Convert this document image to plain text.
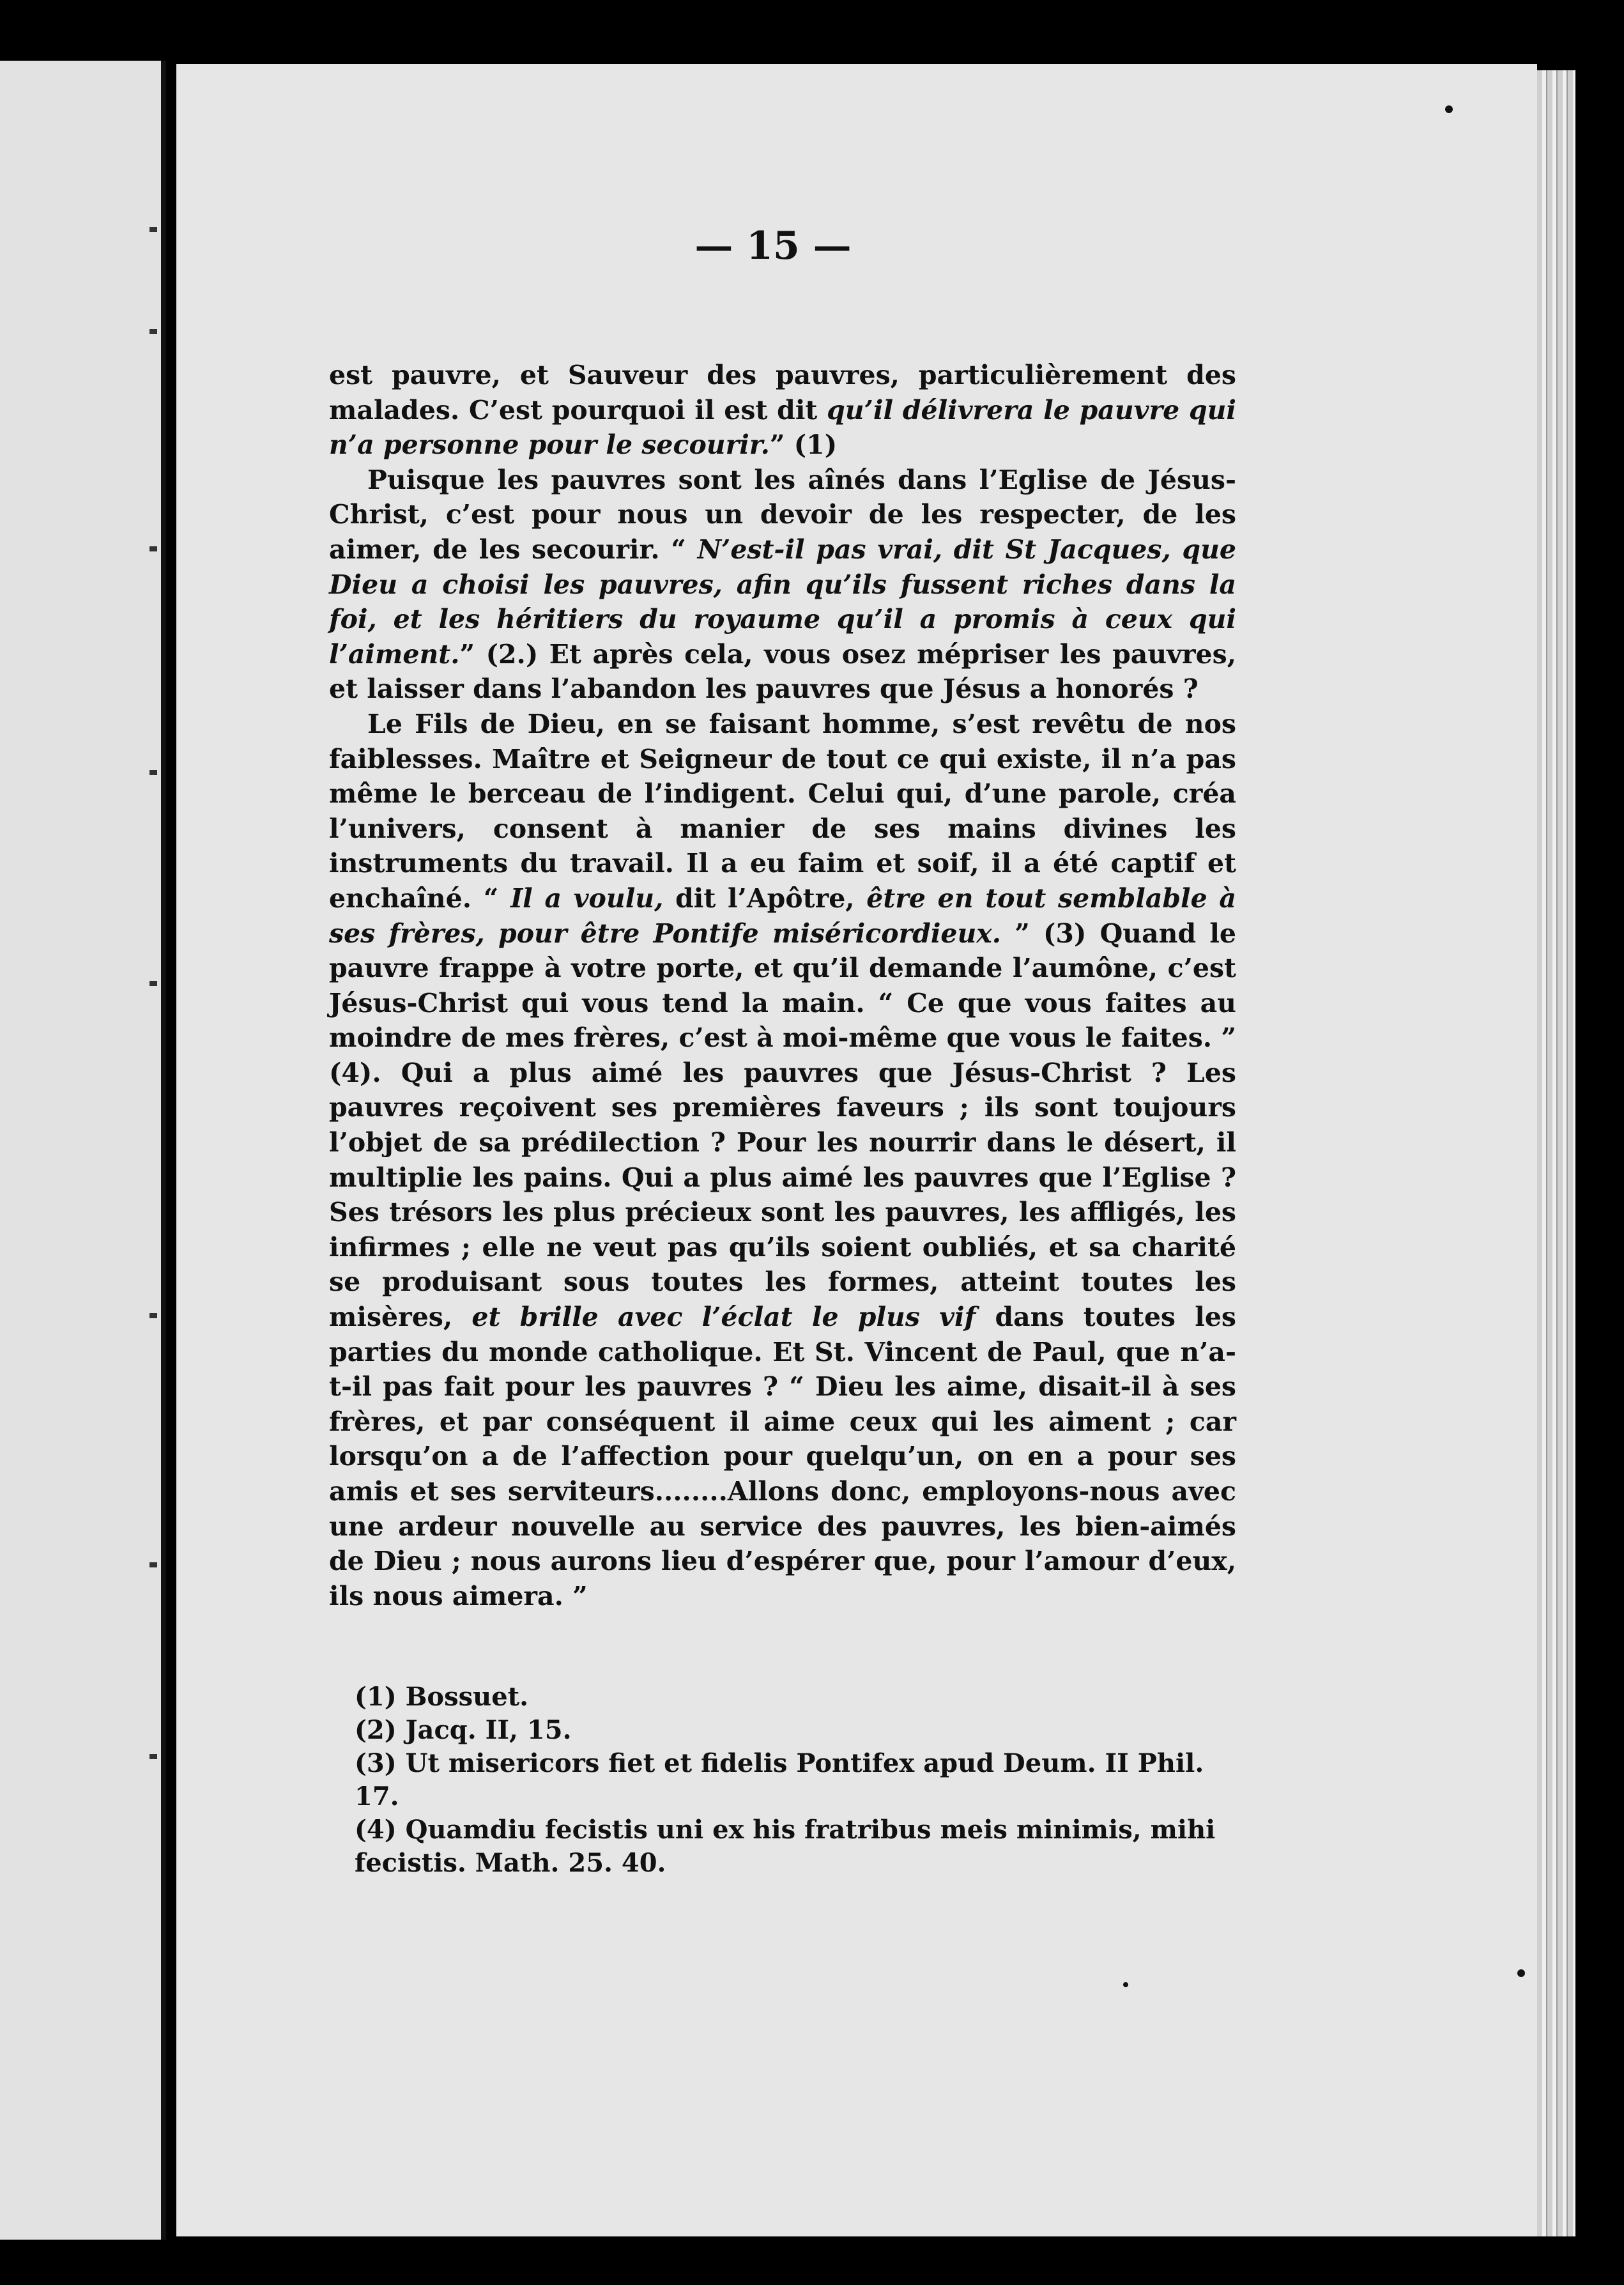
— 15 —

est pauvre, et Sauveur des pauvres, particulièrement des malades. C’est pourquoi il est dit qu’il délivrera le pauvre qui n’a personne pour le secourir.” (1)

Puisque les pauvres sont les aînés dans l’Eglise de Jésus-Christ, c’est pour nous un devoir de les respecter, de les aimer, de les secourir. “ N’est-il pas vrai, dit St Jacques, que Dieu a choisi les pauvres, afin qu’ils fussent riches dans la foi, et les héritiers du royaume qu’il a promis à ceux qui l’aiment.” (2.) Et après cela, vous osez mépriser les pauvres, et laisser dans l’abandon les pauvres que Jésus a honorés ?

Le Fils de Dieu, en se faisant homme, s’est revêtu de nos faiblesses. Maître et Seigneur de tout ce qui existe, il n’a pas même le berceau de l’indigent. Celui qui, d’une parole, créa l’univers, consent à manier de ses mains divines les instruments du travail. Il a eu faim et soif, il a été captif et enchaîné. “ Il a voulu, dit l’Apôtre, être en tout semblable à ses frères, pour être Pontife miséricordieux. ” (3) Quand le pauvre frappe à votre porte, et qu’il demande l’aumône, c’est Jésus-Christ qui vous tend la main. “ Ce que vous faites au moindre de mes frères, c’est à moi-même que vous le faites. ” (4). Qui a plus aimé les pauvres que Jésus-Christ ? Les pauvres reçoivent ses premières faveurs ; ils sont toujours l’objet de sa prédilection ? Pour les nourrir dans le désert, il multiplie les pains. Qui a plus aimé les pauvres que l’Eglise ? Ses trésors les plus précieux sont les pauvres, les affligés, les infirmes ; elle ne veut pas qu’ils soient oubliés, et sa charité se produisant sous toutes les formes, atteint toutes les misères, et brille avec l’éclat le plus vif dans toutes les parties du monde catholique. Et St. Vincent de Paul, que n’a-t-il pas fait pour les pauvres ? “ Dieu les aime, disait-il à ses frères, et par conséquent il aime ceux qui les aiment ; car lorsqu’on a de l’affection pour quelqu’un, on en a pour ses amis et ses serviteurs........Allons donc, employons-nous avec une ardeur nouvelle au service des pauvres, les bien-aimés de Dieu ; nous aurons lieu d’espérer que, pour l’amour d’eux, ils nous aimera. ”

(1) Bossuet.

(2) Jacq. II, 15.

(3) Ut misericors fiet et fidelis Pontifex apud Deum. II Phil. 17.

(4) Quamdiu fecistis uni ex his fratribus meis minimis, mihi fecistis. Math. 25. 40.
